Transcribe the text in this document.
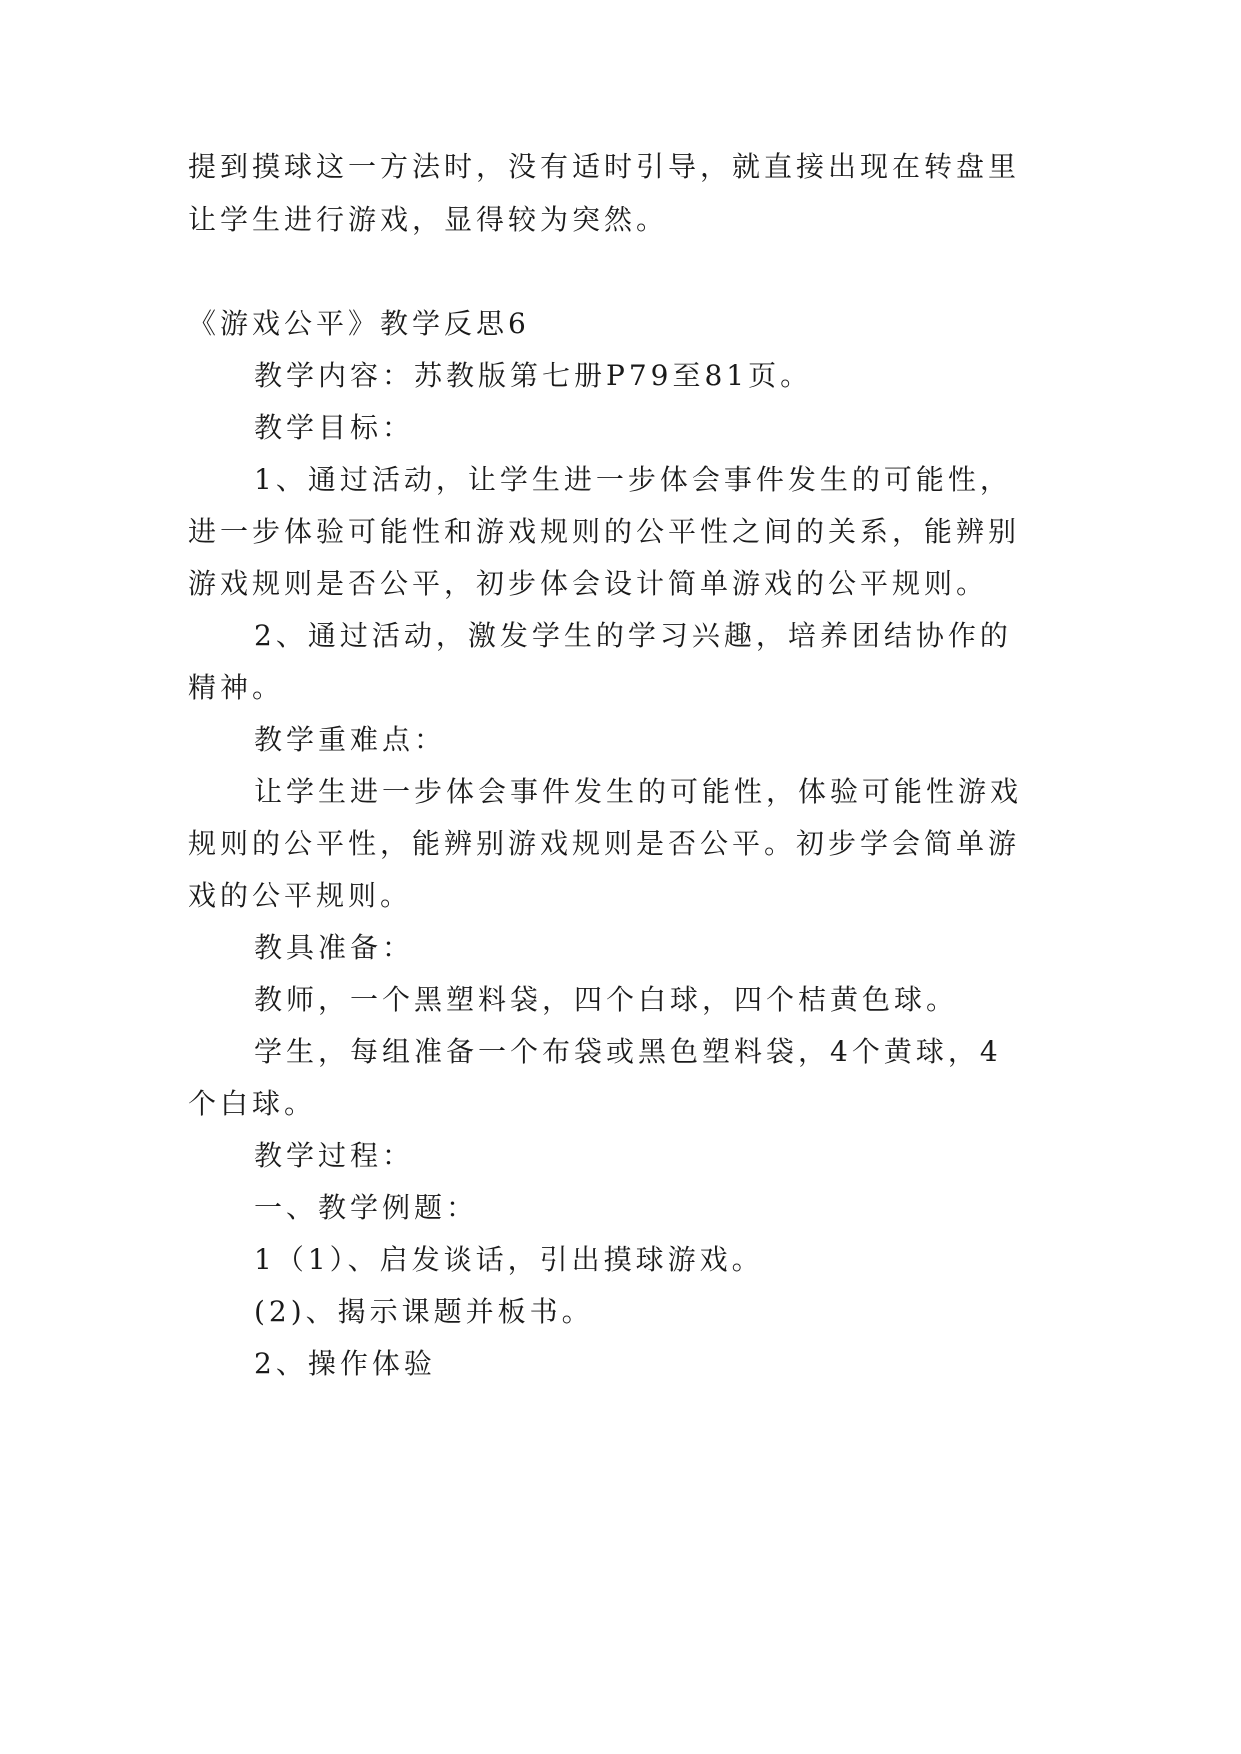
提到摸球这一方法时，没有适时引导，就直接出现在转盘里
让学生进行游戏，显得较为突然。
《游戏公平》教学反思6
教学内容：苏教版第七册P79至81页。
教学目标：
1、通过活动，让学生进一步体会事件发生的可能性，
进一步体验可能性和游戏规则的公平性之间的关系，能辨别
游戏规则是否公平，初步体会设计简单游戏的公平规则。
2、通过活动，激发学生的学习兴趣，培养团结协作的
精神。
教学重难点：
让学生进一步体会事件发生的可能性，体验可能性游戏
规则的公平性，能辨别游戏规则是否公平。初步学会简单游
戏的公平规则。
教具准备：
教师，一个黑塑料袋，四个白球，四个桔黄色球。
学生，每组准备一个布袋或黑色塑料袋，4个黄球，4
个白球。
教学过程：
一、教学例题：
1（1）、启发谈话，引出摸球游戏。
(2)、揭示课题并板书。
2、操作体验
